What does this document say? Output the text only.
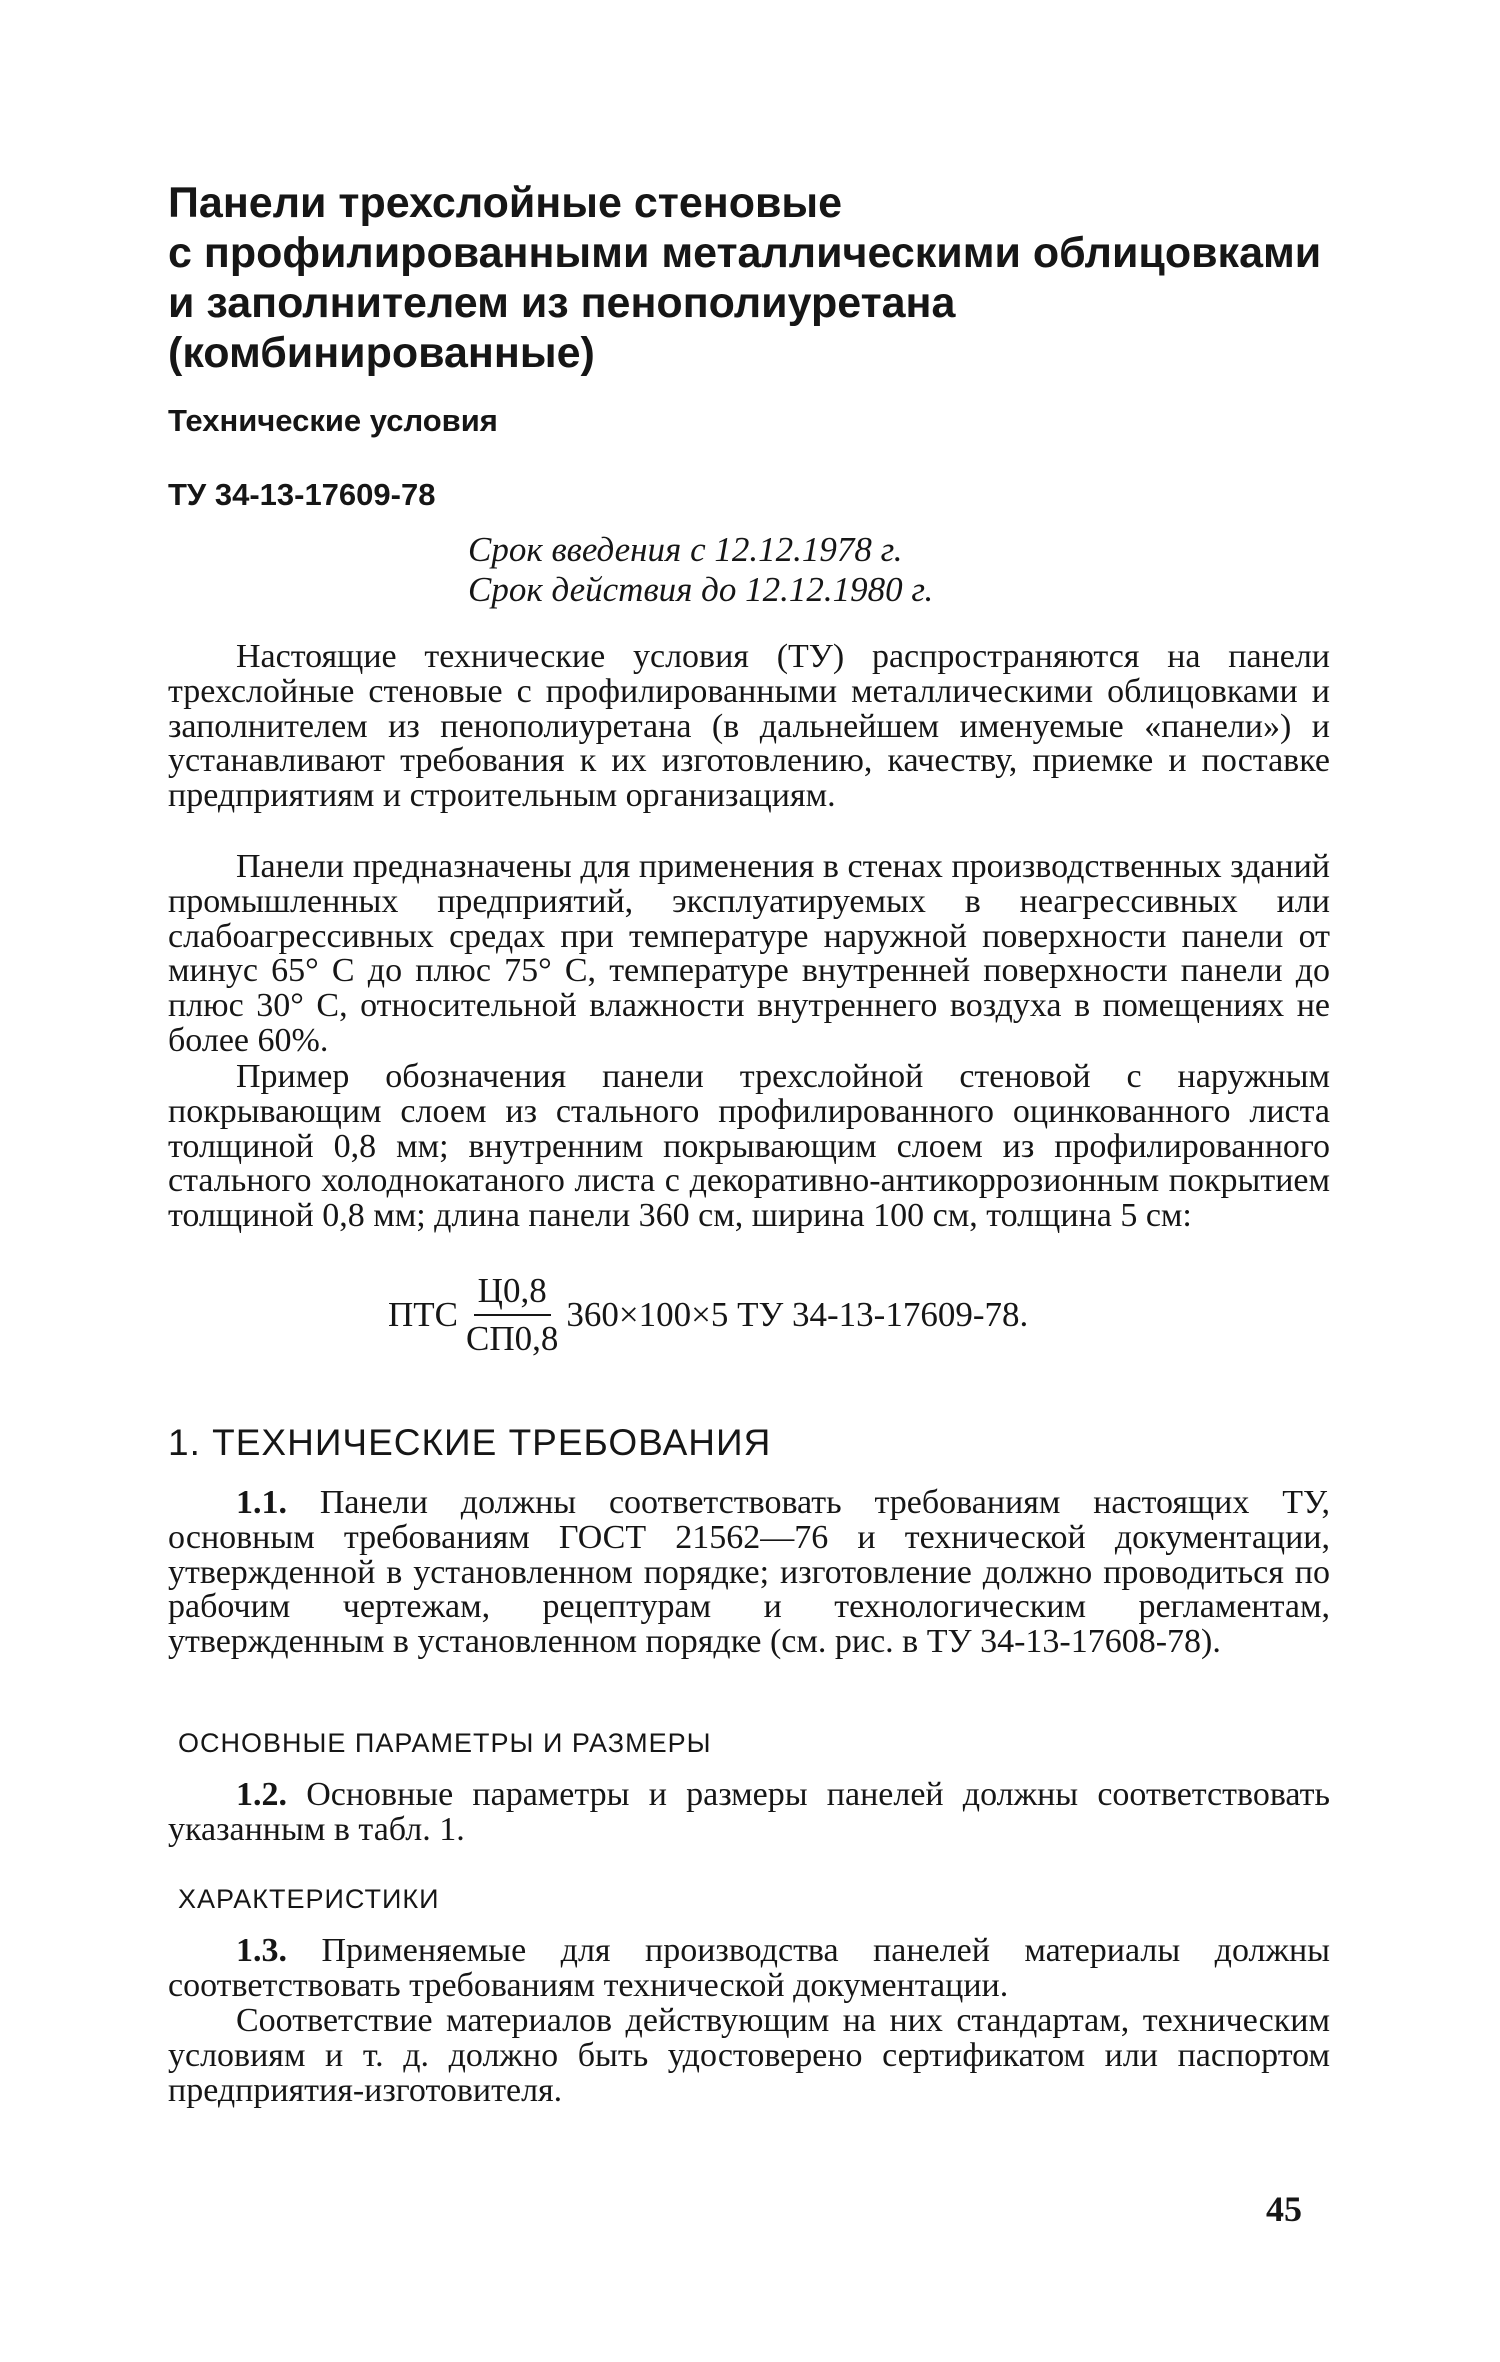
Панели трехслойные стеновые
с профилированными металлическими облицовками
и заполнителем из пенополиуретана
(комбинированные)
Технические условия
ТУ 34-13-17609-78
Срок введения с 12.12.1978 г.
Срок действия до 12.12.1980 г.

Настоящие технические условия (ТУ) распространяются на панели трехслойные стеновые с профилированными металлическими облицовками и заполнителем из пенополиуретана (в дальнейшем именуемые «панели») и устанавливают требования к их изготовлению, качеству, приемке и поставке предприятиям и строительным организациям.

Панели предназначены для применения в стенах производственных зданий промышленных предприятий, эксплуатируемых в неагрессивных или слабоагрессивных средах при температуре наружной поверхности панели от минус 65° С до плюс 75° С, температуре внутренней поверхности панели до плюс 30° С, относительной влажности внутреннего воздуха в помещениях не более 60%.

Пример обозначения панели трехслойной стеновой с наружным покрывающим слоем из стального профилированного оцинкованного листа толщиной 0,8 мм; внутренним покрывающим слоем из профилированного стального холоднокатаного листа с декоративно-антикоррозионным покрытием толщиной 0,8 мм; длина панели 360 см, ширина 100 см, толщина 5 см:

ПТС $\frac{Ц0,8}{СП0,8} 360\times 100\times 5$ ТУ 34-13-17609-78.
1. ТЕХНИЧЕСКИЕ ТРЕБОВАНИЯ

1.1. Панели должны соответствовать требованиям настоящих ТУ, основным требованиям ГОСТ 21562—76 и технической документации, утвержденной в установленном порядке; изготовление должно проводиться по рабочим чертежам, рецептурам и технологическим регламентам, утвержденным в установленном порядке (см. рис. в ТУ 34-13-17608-78).

ОСНОВНЫЕ ПАРАМЕТРЫ И РАЗМЕРЫ

1.2. Основные параметры и размеры панелей должны соответствовать указанным в табл. 1.

ХАРАКТЕРИСТИКИ

1.3. Применяемые для производства панелей материалы должны соответствовать требованиям технической документации.

Соответствие материалов действующим на них стандартам, техническим условиям и т. д. должно быть удостоверено сертификатом или паспортом предприятия-изготовителя.

45
